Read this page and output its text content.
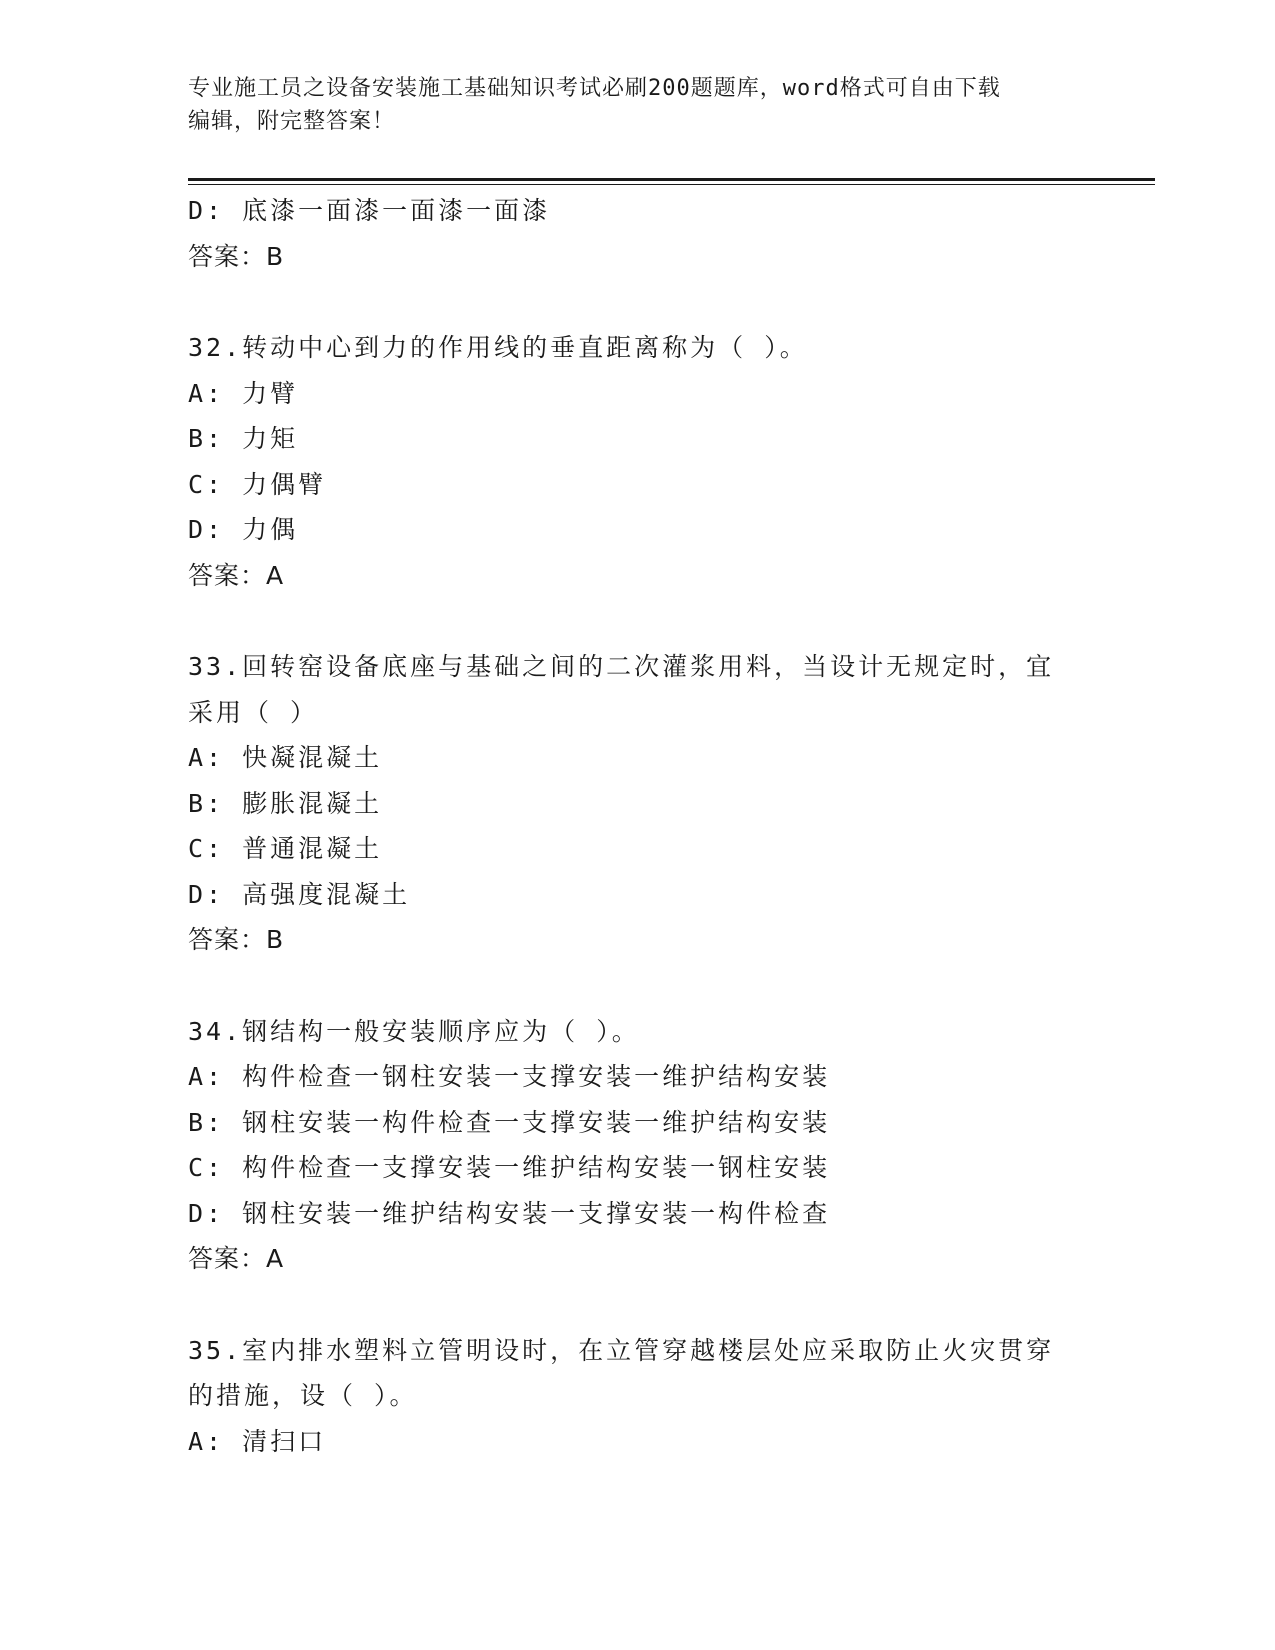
专业施工员之设备安装施工基础知识考试必刷200题题库，word格式可自由下载
编辑，附完整答案！
D: 底漆一面漆一面漆一面漆
答案：B
32.转动中心到力的作用线的垂直距离称为（ ）。
A: 力臂
B: 力矩
C: 力偶臂
D: 力偶
答案：A
33.回转窑设备底座与基础之间的二次灌浆用料，当设计无规定时，宜
采用（ ）
A: 快凝混凝土
B: 膨胀混凝土
C: 普通混凝土
D: 高强度混凝土
答案：B
34.钢结构一般安装顺序应为（ ）。
A: 构件检查一钢柱安装一支撑安装一维护结构安装
B: 钢柱安装一构件检查一支撑安装一维护结构安装
C: 构件检查一支撑安装一维护结构安装一钢柱安装
D: 钢柱安装一维护结构安装一支撑安装一构件检查
答案：A
35.室内排水塑料立管明设时，在立管穿越楼层处应采取防止火灾贯穿
的措施，设（ ）。
A: 清扫口
